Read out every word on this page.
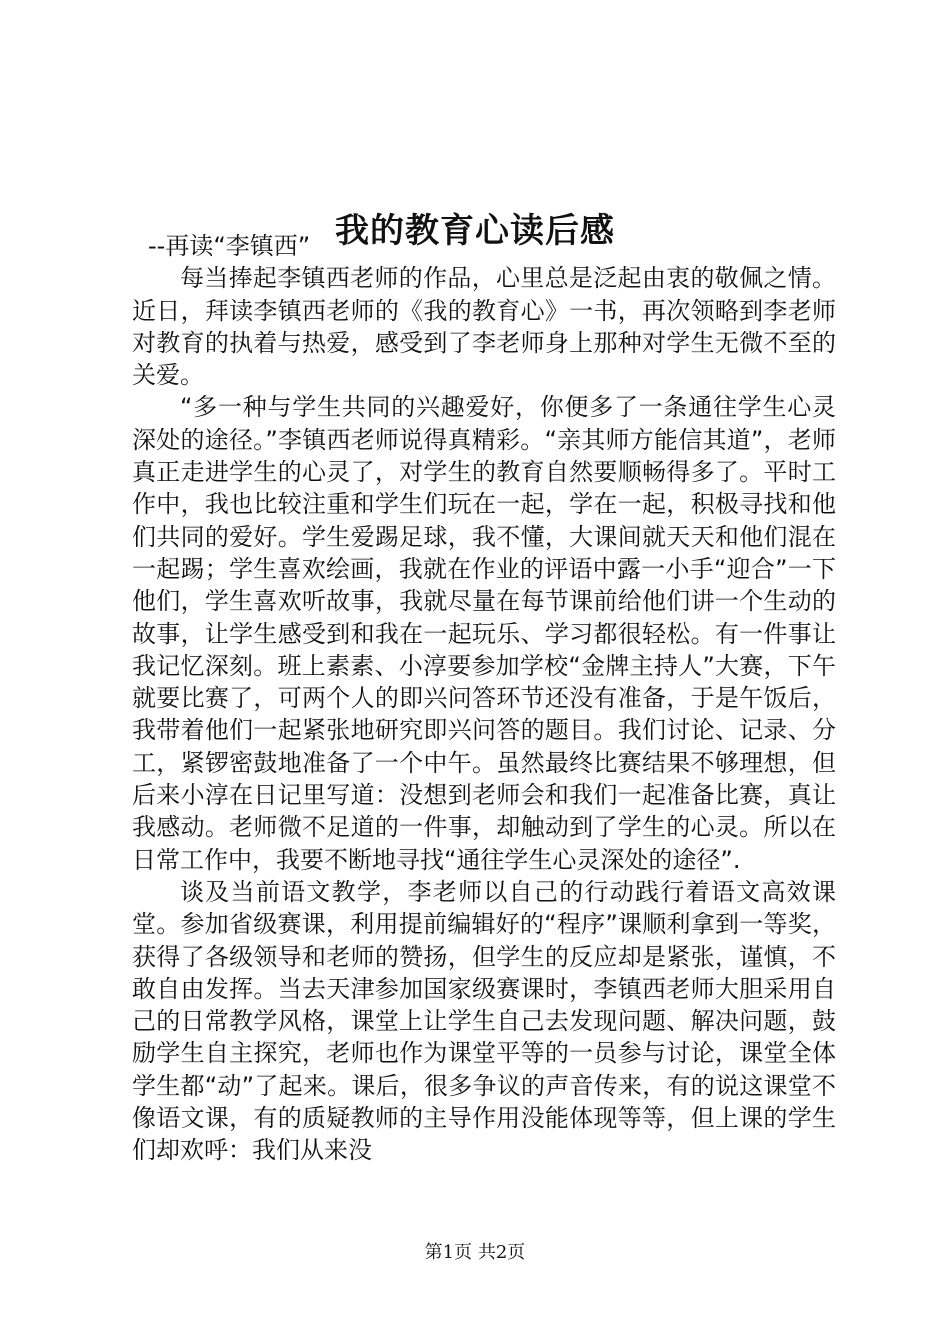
我的教育心读后感

--再读“李镇西”

每当捧起李镇西老师的作品，心里总是泛起由衷的敬佩之情。近日，拜读李镇西老师的《我的教育心》一书，再次领略到李老师对教育的执着与热爱，感受到了李老师身上那种对学生无微不至的关爱。

“多一种与学生共同的兴趣爱好，你便多了一条通往学生心灵深处的途径。”李镇西老师说得真精彩。“亲其师方能信其道”，老师真正走进学生的心灵了，对学生的教育自然要顺畅得多了。平时工作中，我也比较注重和学生们玩在一起，学在一起，积极寻找和他们共同的爱好。学生爱踢足球，我不懂，大课间就天天和他们混在一起踢；学生喜欢绘画，我就在作业的评语中露一小手“迎合”一下他们，学生喜欢听故事，我就尽量在每节课前给他们讲一个生动的故事，让学生感受到和我在一起玩乐、学习都很轻松。有一件事让我记忆深刻。班上素素、小淳要参加学校“金牌主持人”大赛，下午就要比赛了，可两个人的即兴问答环节还没有准备，于是午饭后，我带着他们一起紧张地研究即兴问答的题目。我们讨论、记录、分工，紧锣密鼓地准备了一个中午。虽然最终比赛结果不够理想，但后来小淳在日记里写道：没想到老师会和我们一起准备比赛，真让我感动。老师微不足道的一件事，却触动到了学生的心灵。所以在日常工作中，我要不断地寻找“通往学生心灵深处的途径”.

谈及当前语文教学，李老师以自己的行动践行着语文高效课堂。参加省级赛课，利用提前编辑好的“程序”课顺利拿到一等奖，获得了各级领导和老师的赞扬，但学生的反应却是紧张，谨慎，不敢自由发挥。当去天津参加国家级赛课时，李镇西老师大胆采用自己的日常教学风格，课堂上让学生自己去发现问题、解决问题，鼓励学生自主探究，老师也作为课堂平等的一员参与讨论，课堂全体学生都“动”了起来。课后，很多争议的声音传来，有的说这课堂不像语文课，有的质疑教师的主导作用没能体现等等，但上课的学生们却欢呼：我们从来没

第1页 共2页
